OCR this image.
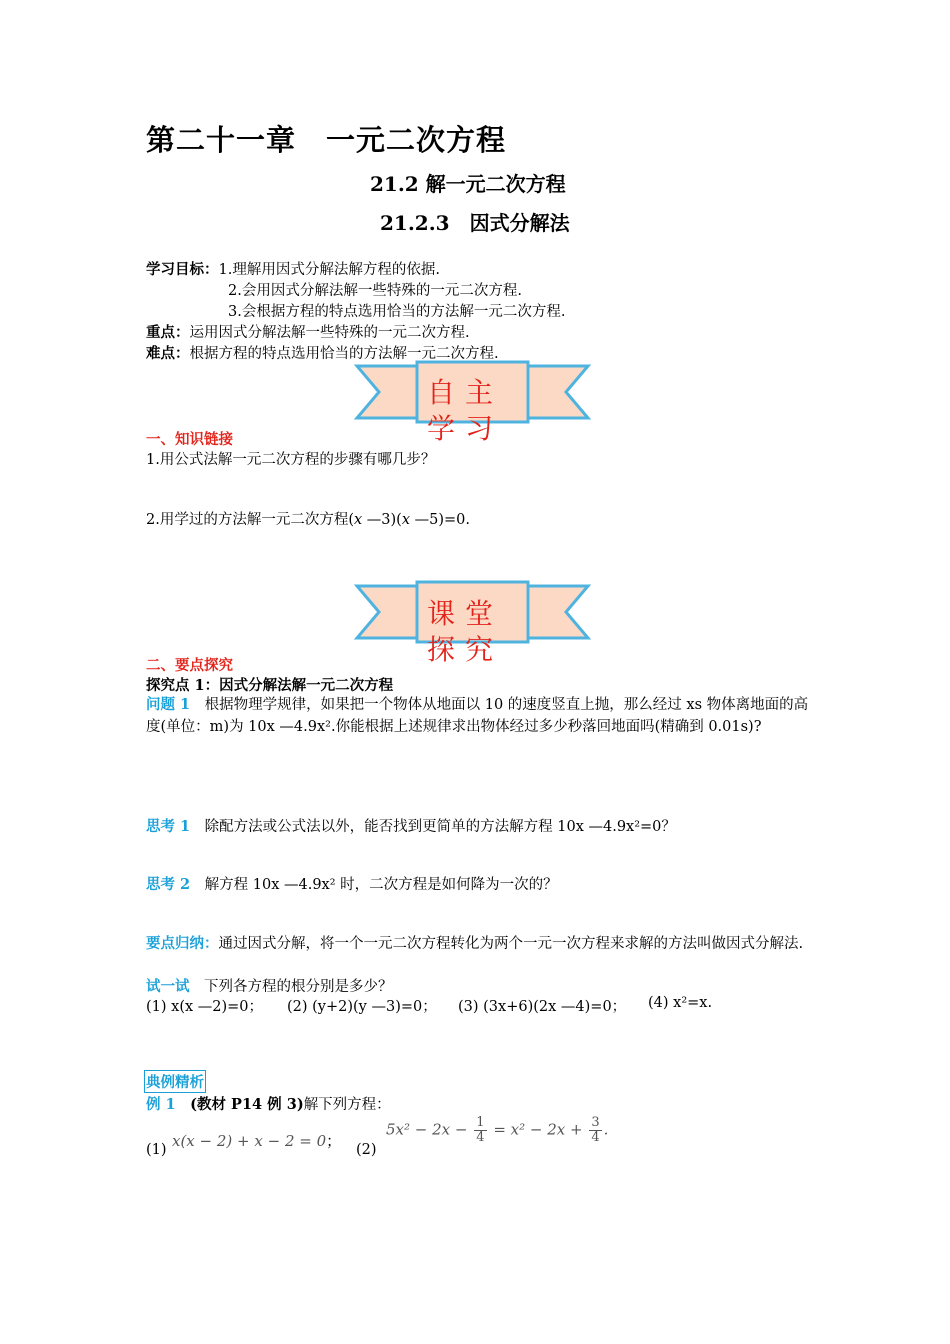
第二十一章　一元二次方程
21.2 解一元二次方程
21.2.3　因式分解法
学习目标：1.理解用因式分解法解方程的依据.
2.会用因式分解法解一些特殊的一元二次方程.
3.会根据方程的特点选用恰当的方法解一元二次方程.
重点：运用因式分解法解一些特殊的一元二次方程.
难点：根据方程的特点选用恰当的方法解一元二次方程.
自主学习
一、知识链接
1.用公式法解一元二次方程的步骤有哪几步？
2.用学过的方法解一元二次方程(x —3)(x —5)=0.
课堂探究
二、要点探究
探究点 1：因式分解法解一元二次方程
问题 1　根据物理学规律，如果把一个物体从地面以 10 的速度竖直上抛，那么经过 xs 物体离地面的高度(单位：m)为 10x —4.9x².你能根据上述规律求出物体经过多少秒落回地面吗(精确到 0.01s)?
思考 1　除配方法或公式法以外，能否找到更简单的方法解方程 10x —4.9x²=0？
思考 2　解方程 10x —4.9x² 时，二次方程是如何降为一次的？
要点归纳：通过因式分解，将一个一元二次方程转化为两个一元一次方程来求解的方法叫做因式分解法.
试一试　下列各方程的根分别是多少？
(1) x(x —2)=0； (2) (y+2)(y —3)=0； (3) (3x+6)(2x —4)=0； (4) x²=x.
典例精析
例 1　(教材 P14 例 3)解下列方程：
(1) x(x − 2) + x − 2 = 0； (2)
$5x^2 - 2x - \frac{1}{4} = x^2 - 2x + \frac{3}{4}$ .
